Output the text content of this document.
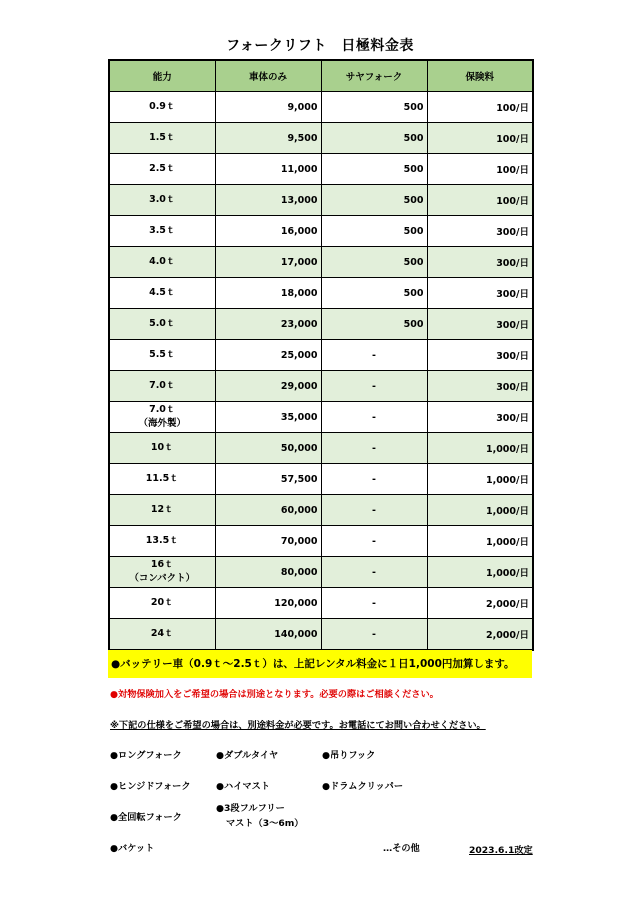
フォークリフト　日極料金表
能力	車体のみ	サヤフォーク	保険料

0.9ｔ	9,000	500	100/日

1.5ｔ	9,500	500	100/日

2.5ｔ	11,000	500	100/日

3.0ｔ	13,000	500	100/日

3.5ｔ	16,000	500	300/日

4.0ｔ	17,000	500	300/日

4.5ｔ	18,000	500	300/日

5.0ｔ	23,000	500	300/日

5.5ｔ	25,000	-	300/日

7.0ｔ	29,000	-	300/日

7.0ｔ
（海外製）	35,000	-	300/日

10ｔ	50,000	-	1,000/日

11.5ｔ	57,500	-	1,000/日

12ｔ	60,000	-	1,000/日

13.5ｔ	70,000	-	1,000/日

16ｔ
（コンパクト）	80,000	-	1,000/日

20ｔ	120,000	-	2,000/日

24ｔ	140,000	-	2,000/日
●バッテリー車（0.9ｔ～2.5ｔ）は、上記レンタル料金に１日1,000円加算します。
●対物保険加入をご希望の場合は別途となります。必要の際はご相談ください。
※下記の仕様をご希望の場合は、別途料金が必要です。お電話にてお問い合わせください。
●ロングフォーク	●ダブルタイヤ	●吊りフック
●ヒンジドフォーク	●ハイマスト	●ドラムクリッパー
●全回転フォーク
●3段フルフリー
マスト（3～6m）
●バケット	…その他	2023.6.1改定
